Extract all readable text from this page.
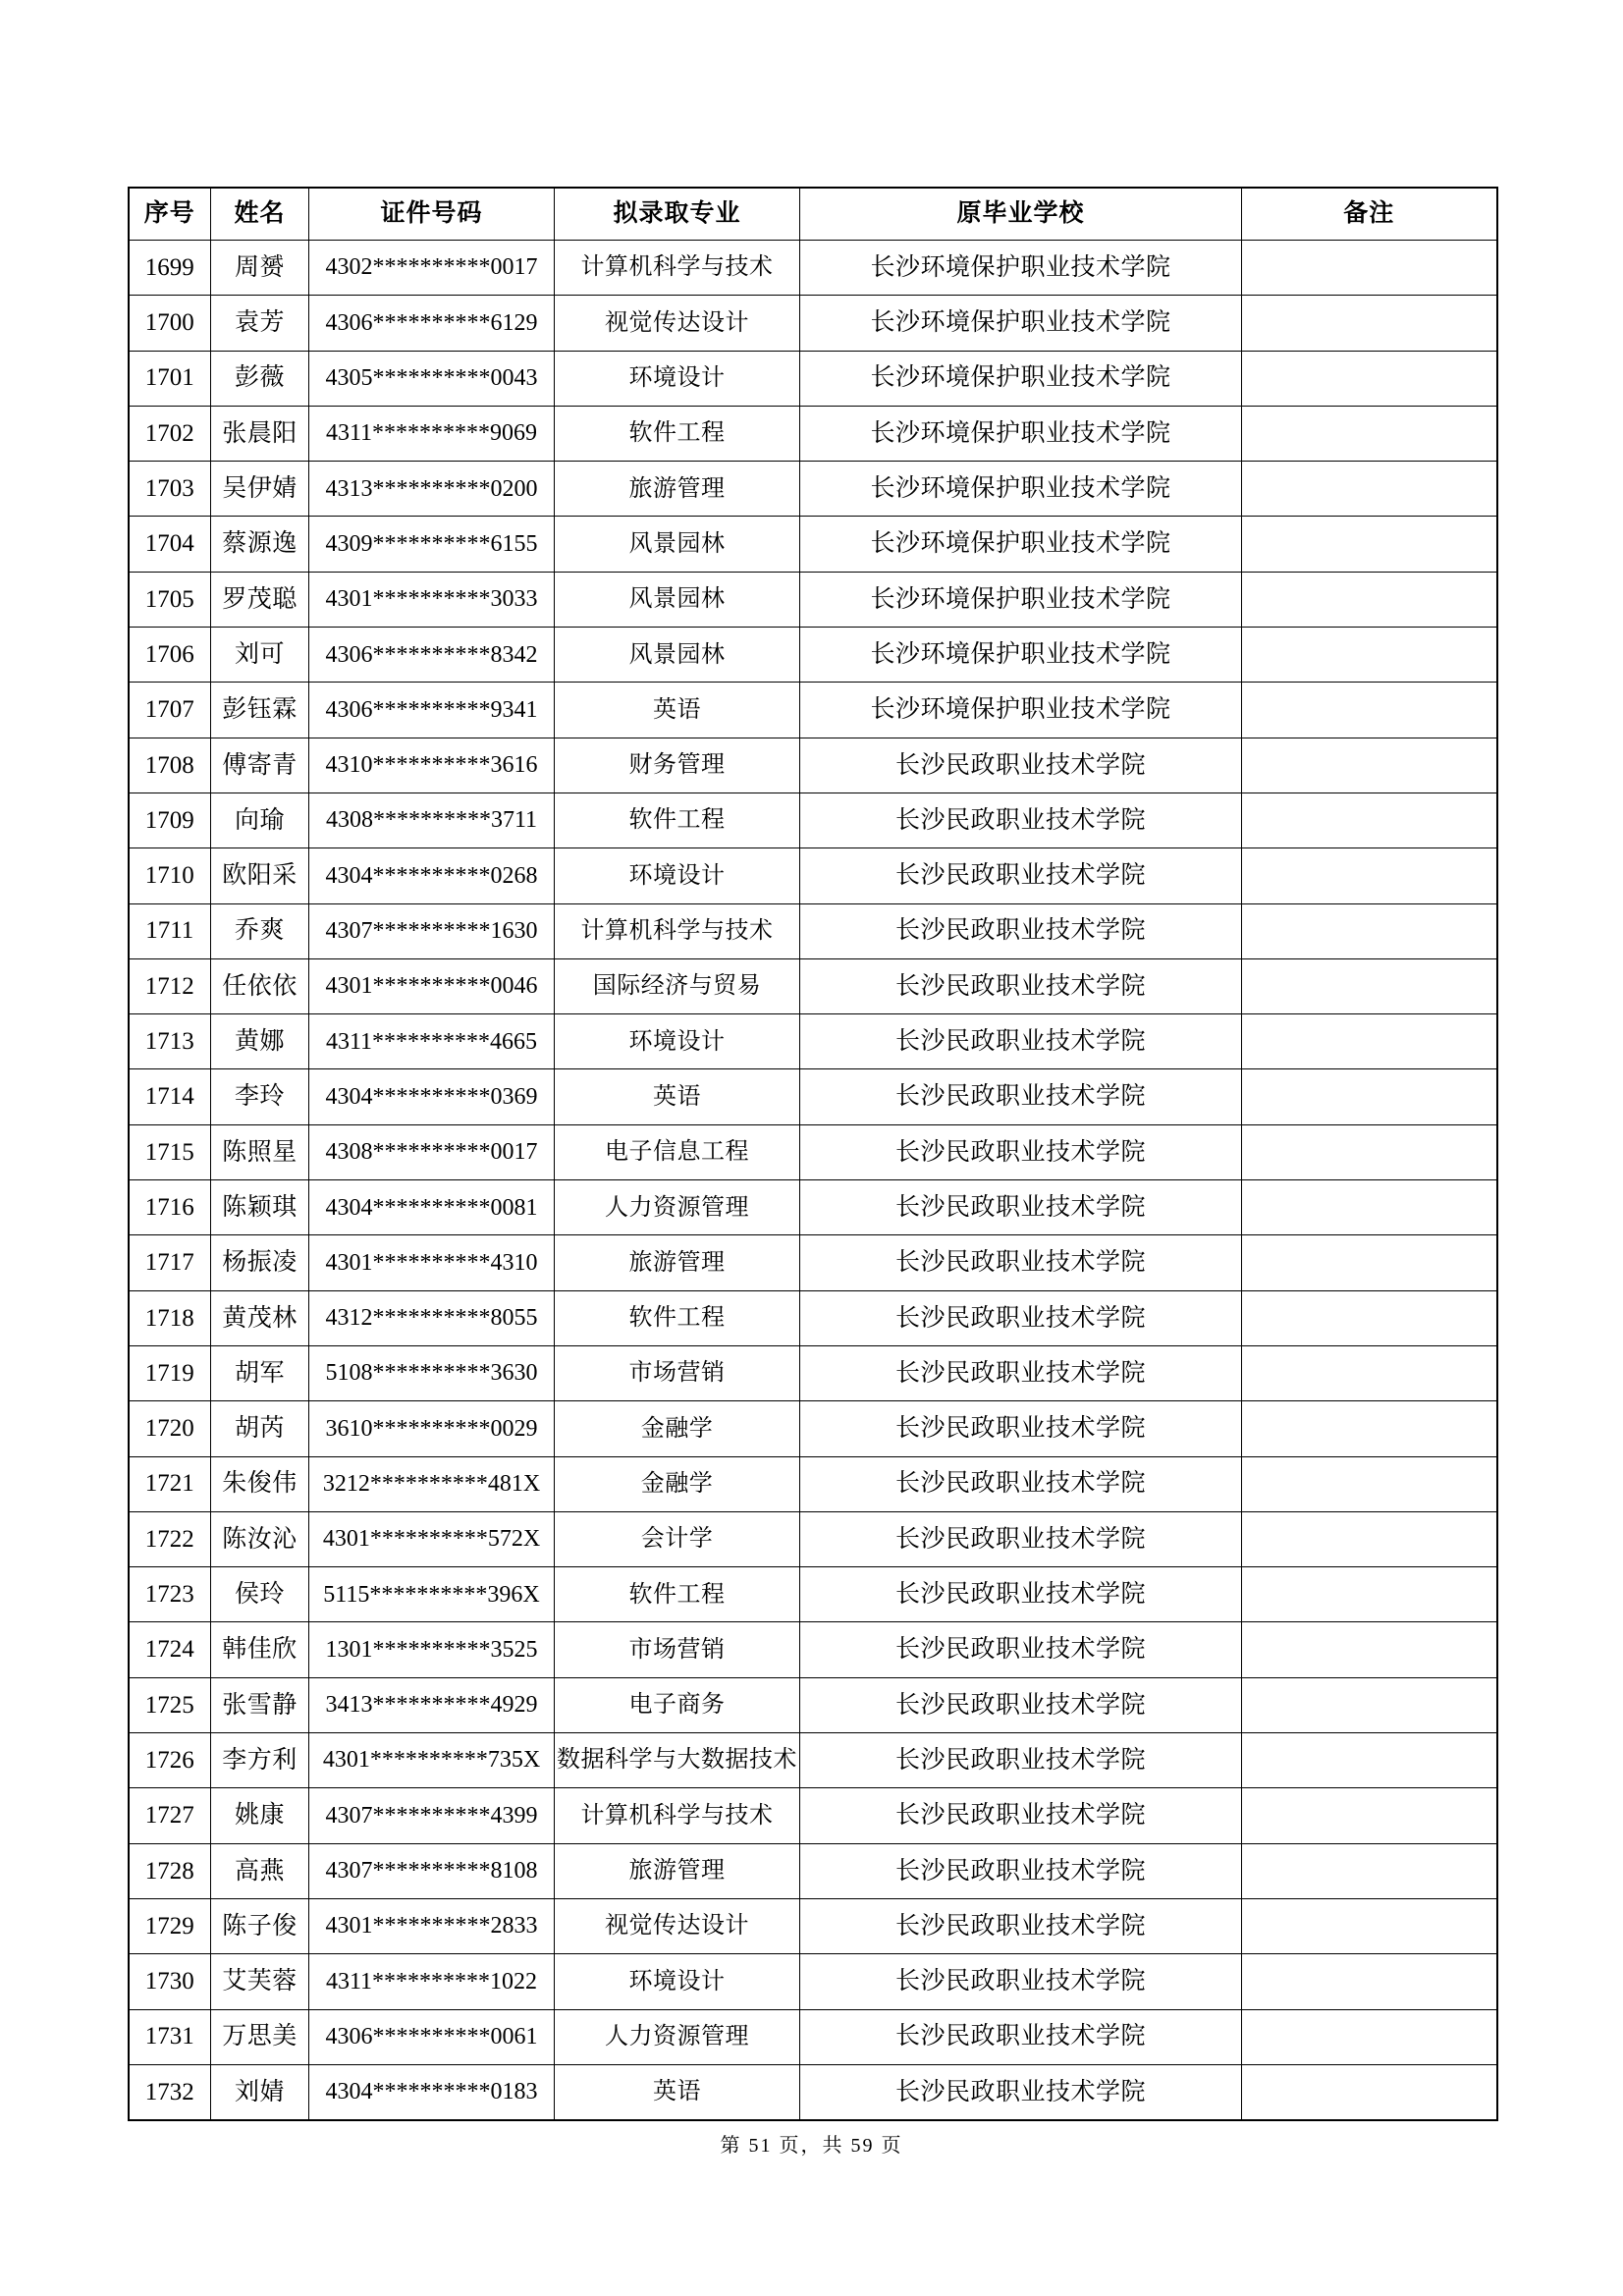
序号	姓名	证件号码	拟录取专业	原毕业学校	备注
1699	周赟	4302**********0017	计算机科学与技术	长沙环境保护职业技术学院	
1700	袁芳	4306**********6129	视觉传达设计	长沙环境保护职业技术学院	
1701	彭薇	4305**********0043	环境设计	长沙环境保护职业技术学院	
1702	张晨阳	4311**********9069	软件工程	长沙环境保护职业技术学院	
1703	吴伊婧	4313**********0200	旅游管理	长沙环境保护职业技术学院	
1704	蔡源逸	4309**********6155	风景园林	长沙环境保护职业技术学院	
1705	罗茂聪	4301**********3033	风景园林	长沙环境保护职业技术学院	
1706	刘可	4306**********8342	风景园林	长沙环境保护职业技术学院	
1707	彭钰霖	4306**********9341	英语	长沙环境保护职业技术学院	
1708	傅寄青	4310**********3616	财务管理	长沙民政职业技术学院	
1709	向瑜	4308**********3711	软件工程	长沙民政职业技术学院	
1710	欧阳采	4304**********0268	环境设计	长沙民政职业技术学院	
1711	乔爽	4307**********1630	计算机科学与技术	长沙民政职业技术学院	
1712	任依依	4301**********0046	国际经济与贸易	长沙民政职业技术学院	
1713	黄娜	4311**********4665	环境设计	长沙民政职业技术学院	
1714	李玲	4304**********0369	英语	长沙民政职业技术学院	
1715	陈照星	4308**********0017	电子信息工程	长沙民政职业技术学院	
1716	陈颖琪	4304**********0081	人力资源管理	长沙民政职业技术学院	
1717	杨振凌	4301**********4310	旅游管理	长沙民政职业技术学院	
1718	黄茂林	4312**********8055	软件工程	长沙民政职业技术学院	
1719	胡军	5108**********3630	市场营销	长沙民政职业技术学院	
1720	胡芮	3610**********0029	金融学	长沙民政职业技术学院	
1721	朱俊伟	3212**********481X	金融学	长沙民政职业技术学院	
1722	陈汝沁	4301**********572X	会计学	长沙民政职业技术学院	
1723	侯玲	5115**********396X	软件工程	长沙民政职业技术学院	
1724	韩佳欣	1301**********3525	市场营销	长沙民政职业技术学院	
1725	张雪静	3413**********4929	电子商务	长沙民政职业技术学院	
1726	李方利	4301**********735X	数据科学与大数据技术	长沙民政职业技术学院	
1727	姚康	4307**********4399	计算机科学与技术	长沙民政职业技术学院	
1728	高燕	4307**********8108	旅游管理	长沙民政职业技术学院	
1729	陈子俊	4301**********2833	视觉传达设计	长沙民政职业技术学院	
1730	艾芙蓉	4311**********1022	环境设计	长沙民政职业技术学院	
1731	万思美	4306**********0061	人力资源管理	长沙民政职业技术学院	
1732	刘婧	4304**********0183	英语	长沙民政职业技术学院	
第 51 页，共 59 页
